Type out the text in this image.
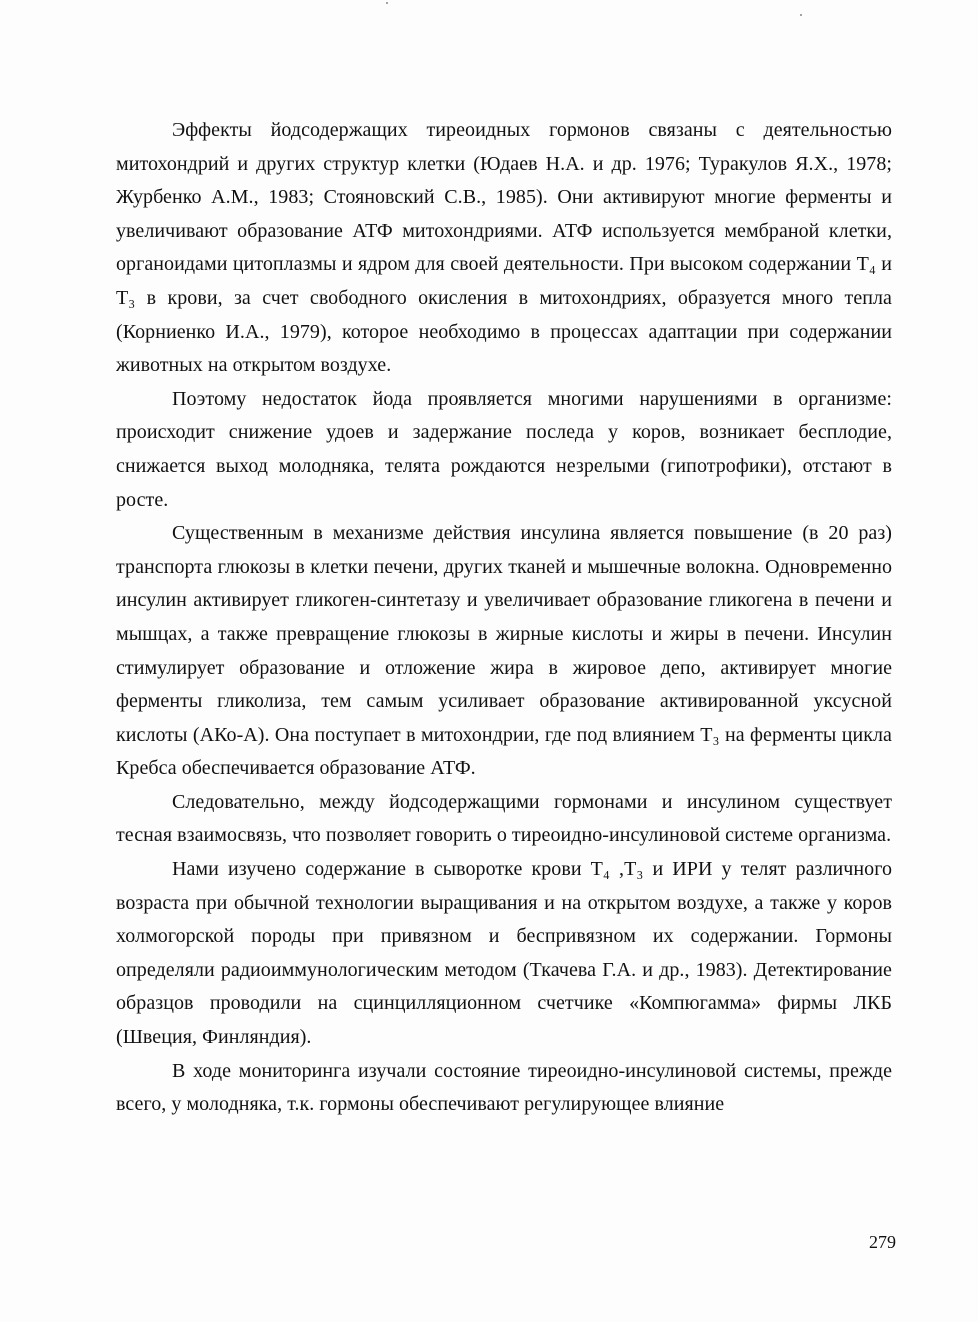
Эффекты йодсодержащих тиреоидных гормонов связаны с деятельностью митохондрий и других структур клетки (Юдаев Н.А. и др. 1976; Туракулов Я.Х., 1978; Журбенко А.М., 1983; Стояновский С.В., 1985). Они активируют многие ферменты и увеличивают образование АТФ митохондриями. АТФ используется мембраной клетки, органоидами цитоплазмы и ядром для своей деятельности. При высоком содержании Т₄ и Т₃ в крови, за счет свободного окисления в митохондриях, образуется много тепла (Корниенко И.А., 1979), которое необходимо в процессах адаптации при содержании животных на открытом воздухе.

Поэтому недостаток йода проявляется многими нарушениями в организме: происходит снижение удоев и задержание последа у коров, возникает бесплодие, снижается выход молодняка, телята рождаются незрелыми (гипотрофики), отстают в росте.

Существенным в механизме действия инсулина является повышение (в 20 раз) транспорта глюкозы в клетки печени, других тканей и мышечные волокна. Одновременно инсулин активирует гликоген-синтетазу и увеличивает образование гликогена в печени и мышцах, а также превращение глюкозы в жирные кислоты и жиры в печени. Инсулин стимулирует образование и отложение жира в жировое депо, активирует многие ферменты гликолиза, тем самым усиливает образование активированной уксусной кислоты (АКо-А). Она поступает в митохондрии, где под влиянием Т₃ на ферменты цикла Кребса обеспечивается образование АТФ.

Следовательно, между йодсодержащими гормонами и инсулином существует тесная взаимосвязь, что позволяет говорить о тиреоидно-инсулиновой системе организма.

Нами изучено содержание в сыворотке крови Т₄ ,Т₃ и ИРИ у телят различного возраста при обычной технологии выращивания и на открытом воздухе, а также у коров холмогорской породы при привязном и беспривязном их содержании. Гормоны определяли радиоиммунологическим методом (Ткачева Г.А. и др., 1983). Детектирование образцов проводили на сцинцилляционном счетчике «Компюгамма» фирмы ЛКБ (Швеция, Финляндия).

В ходе мониторинга изучали состояние тиреоидно-инсулиновой системы, прежде всего, у молодняка, т.к. гормоны обеспечивают регулирующее влияние

279
